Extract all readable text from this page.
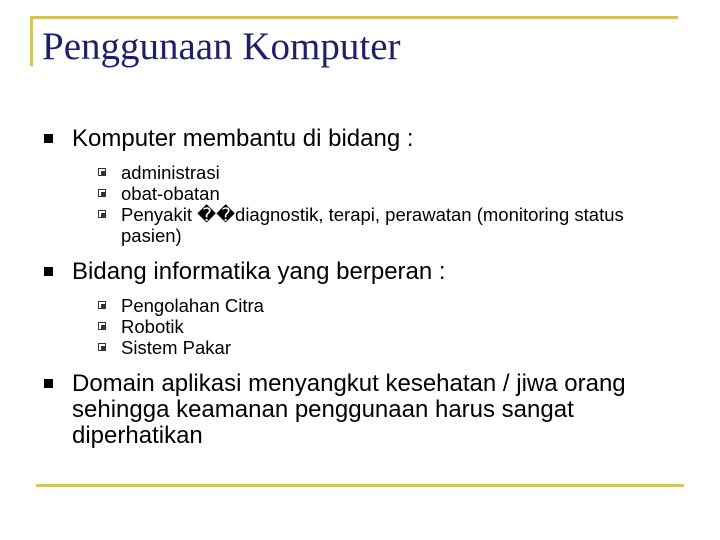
Penggunaan Komputer
Komputer membantu di bidang :
administrasi
obat-obatan
Penyakit ��diagnostik, terapi, perawatan (monitoring status pasien)
Bidang informatika yang berperan :
Pengolahan Citra
Robotik
Sistem Pakar
Domain aplikasi menyangkut kesehatan / jiwa orang sehingga keamanan penggunaan harus sangat diperhatikan
